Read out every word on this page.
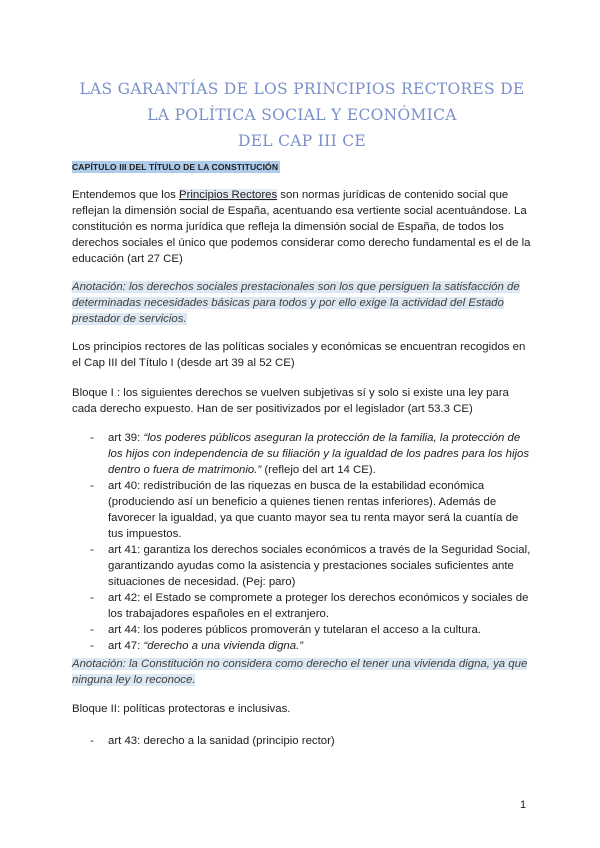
LAS GARANTÍAS DE LOS PRINCIPIOS RECTORES DE LA POLÍTICA SOCIAL Y ECONÓMICA
DEL CAP III CE
CAPÍTULO III DEL TÍTULO DE LA CONSTITUCIÓN

Entendemos que los Principios Rectores son normas jurídicas de contenido social que reflejan la dimensión social de España, acentuando esa vertiente social acentuándose. La constitución es norma jurídica que refleja la dimensión social de España, de todos los derechos sociales el único que podemos considerar como derecho fundamental es el de la educación (art 27 CE)

Anotación: los derechos sociales prestacionales son los que persiguen la satisfacción de determinadas necesidades básicas para todos y por ello exige la actividad del Estado prestador de servicios.

Los principios rectores de las políticas sociales y económicas se encuentran recogidos en el Cap III del Título I (desde art 39 al 52 CE)

Bloque I : los siguientes derechos se vuelven subjetivas sí y solo si existe una ley para cada derecho expuesto. Han de ser positivizados por el legislador (art 53.3 CE)

- art 39: “los poderes públicos aseguran la protección de la familia, la protección de los hijos con independencia de su filiación y la igualdad de los padres para los hijos dentro o fuera de matrimonio.” (reflejo del art 14 CE).
- art 40: redistribución de las riquezas en busca de la estabilidad económica (produciendo así un beneficio a quienes tienen rentas inferiores). Además de favorecer la igualdad, ya que cuanto mayor sea tu renta mayor será la cuantía de tus impuestos.
- art 41: garantiza los derechos sociales económicos a través de la Seguridad Social, garantizando ayudas como la asistencia y prestaciones sociales suficientes ante situaciones de necesidad. (Pej: paro)
- art 42: el Estado se compromete a proteger los derechos económicos y sociales de los trabajadores españoles en el extranjero.
- art 44: los poderes públicos promoverán y tutelaran el acceso a la cultura.
- art 47: “derecho a una vivienda digna.”

Anotación: la Constitución no considera como derecho el tener una vivienda digna, ya que ninguna ley lo reconoce.

Bloque II: políticas protectoras e inclusivas.

- art 43: derecho a la sanidad (principio rector)
1
